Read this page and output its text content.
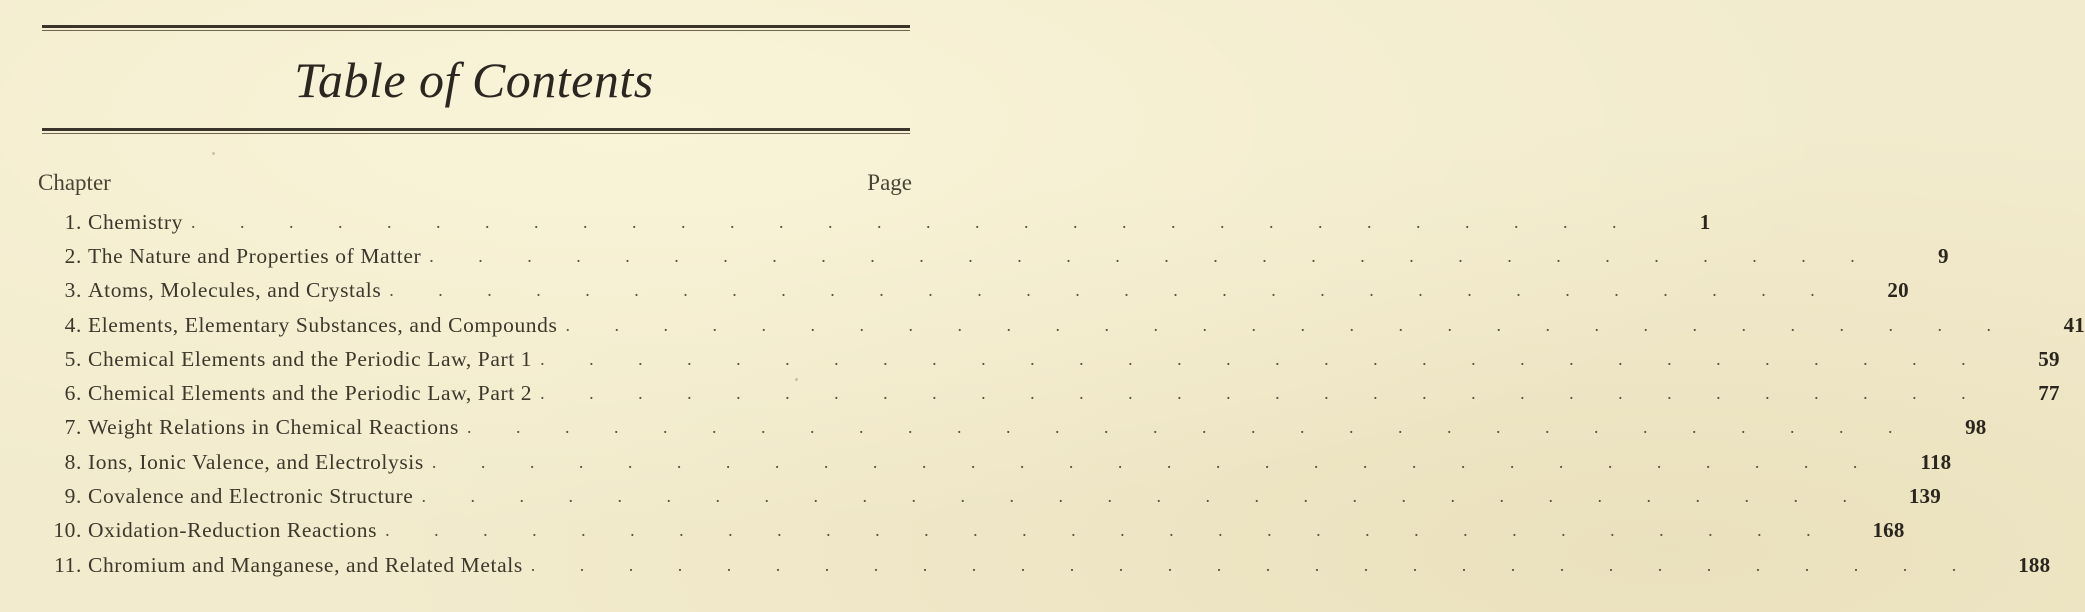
Table of Contents
Chapter	Page
1. Chemistry . . . . . . . . . . . . . . . . . . . . . . . . . . . . . .	1
2. The Nature and Properties of Matter . . . . . . . . . . . . . . . . . . . . . . . . . . . . . .	9
3. Atoms, Molecules, and Crystals . . . . . . . . . . . . . . . . . . . . . . . . . . . . . .	20
4. Elements, Elementary Substances, and Compounds . . . . . . . . . . . . . . . . . . . . . . . . . . . . . .	41
5. Chemical Elements and the Periodic Law, Part 1 . . . . . . . . . . . . . . . . . . . . . . . . . . . . . .	59
6. Chemical Elements and the Periodic Law, Part 2 . . . . . . . . . . . . . . . . . . . . . . . . . . . . . .	77
7. Weight Relations in Chemical Reactions . . . . . . . . . . . . . . . . . . . . . . . . . . . . . .	98
8. Ions, Ionic Valence, and Electrolysis . . . . . . . . . . . . . . . . . . . . . . . . . . . . . .	118
9. Covalence and Electronic Structure . . . . . . . . . . . . . . . . . . . . . . . . . . . . . .	139
10. Oxidation-Reduction Reactions . . . . . . . . . . . . . . . . . . . . . . . . . . . . . .	168
11. Chromium and Manganese, and Related Metals . . . . . . . . . . . . . . . . . . . . . . . . . . . . . .	188
